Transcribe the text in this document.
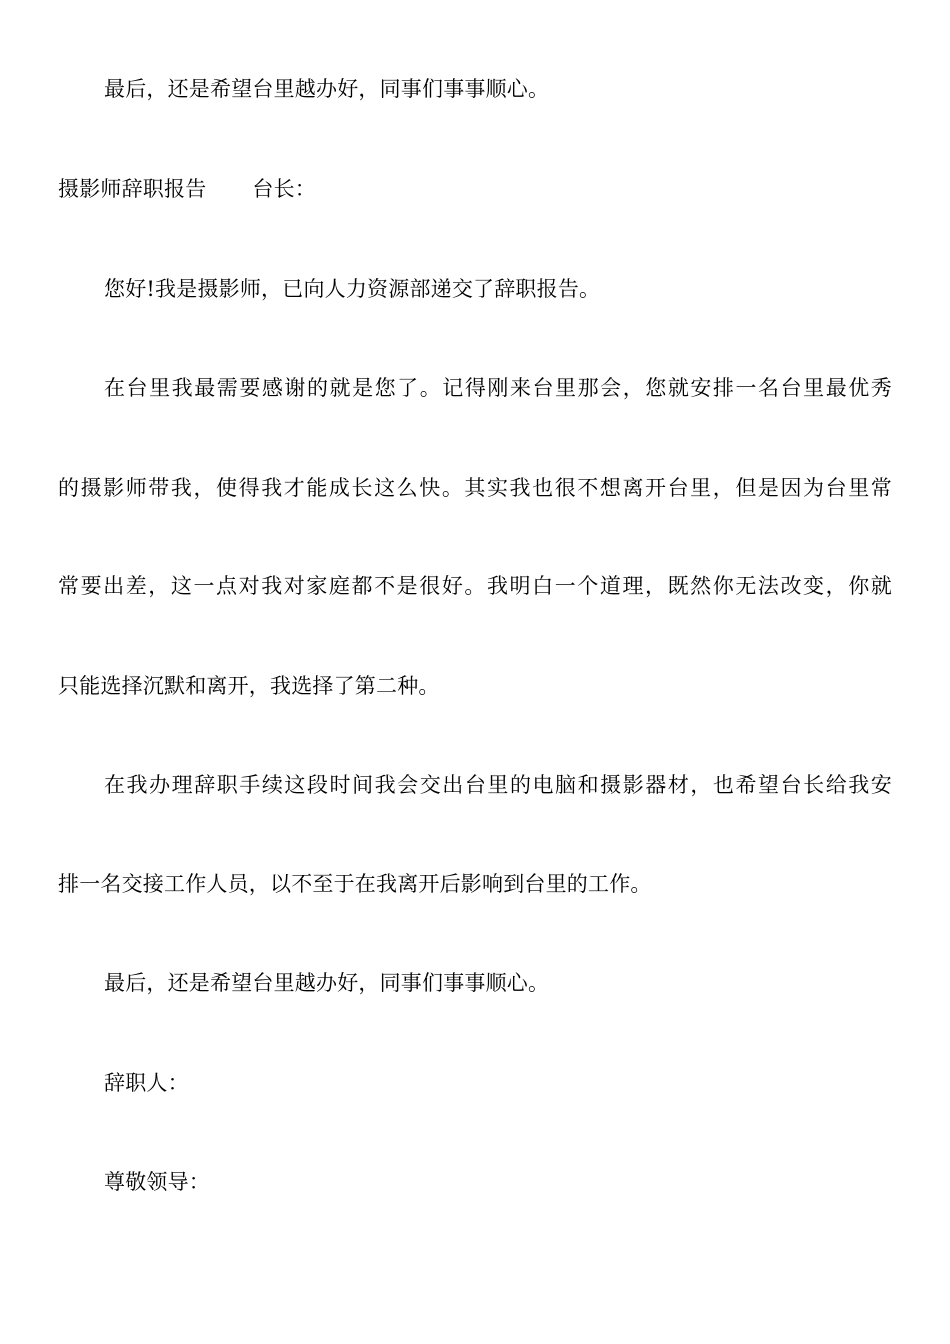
最后，还是希望台里越办好，同事们事事顺心。
摄影师辞职报告 台长：
您好!我是摄影师，已向人力资源部递交了辞职报告。
在台里我最需要感谢的就是您了。记得刚来台里那会，您就安排一名台里最优秀
的摄影师带我，使得我才能成长这么快。其实我也很不想离开台里，但是因为台里常
常要出差，这一点对我对家庭都不是很好。我明白一个道理，既然你无法改变，你就
只能选择沉默和离开，我选择了第二种。
在我办理辞职手续这段时间我会交出台里的电脑和摄影器材，也希望台长给我安
排一名交接工作人员，以不至于在我离开后影响到台里的工作。
最后，还是希望台里越办好，同事们事事顺心。
辞职人：
尊敬领导：
